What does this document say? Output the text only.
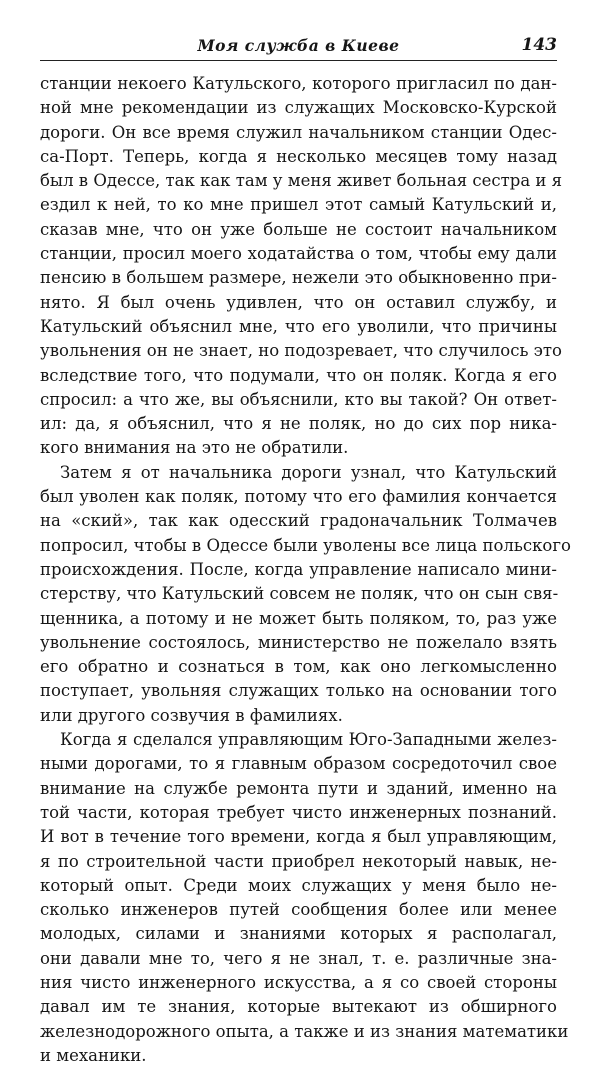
Моя служба в Киеве	143
станции некоего Катульского, которого пригласил по дан-
ной мне рекомендации из служащих Московско-Курской
дороги. Он все время служил начальником станции Одес-
са-Порт. Теперь, когда я несколько месяцев тому назад
был в Одессе, так как там у меня живет больная сестра и я
ездил к ней, то ко мне пришел этот самый Катульский и,
сказав мне, что он уже больше не состоит начальником
станции, просил моего ходатайства о том, чтобы ему дали
пенсию в большем размере, нежели это обыкновенно при-
нято. Я был очень удивлен, что он оставил службу, и
Катульский объяснил мне, что его уволили, что причины
увольнения он не знает, но подозревает, что случилось это
вследствие того, что подумали, что он поляк. Когда я его
спросил: а что же, вы объяснили, кто вы такой? Он ответ-
ил: да, я объяснил, что я не поляк, но до сих пор ника-
кого внимания на это не обратили.
Затем я от начальника дороги узнал, что Катульский
был уволен как поляк, потому что его фамилия кончается
на «ский», так как одесский градоначальник Толмачев
попросил, чтобы в Одессе были уволены все лица польского
происхождения. После, когда управление написало мини-
стерству, что Катульский совсем не поляк, что он сын свя-
щенника, а потому и не может быть поляком, то, раз уже
увольнение состоялось, министерство не пожелало взять
его обратно и сознаться в том, как оно легкомысленно
поступает, увольняя служащих только на основании того
или другого созвучия в фамилиях.
Когда я сделался управляющим Юго-Западными желез-
ными дорогами, то я главным образом сосредоточил свое
внимание на службе ремонта пути и зданий, именно на
той части, которая требует чисто инженерных познаний.
И вот в течение того времени, когда я был управляющим,
я по строительной части приобрел некоторый навык, не-
который опыт. Среди моих служащих у меня было не-
сколько инженеров путей сообщения более или менее
молодых, силами и знаниями которых я располагал,
они давали мне то, чего я не знал, т. е. различные зна-
ния чисто инженерного искусства, а я со своей стороны
давал им те знания, которые вытекают из обширного
железнодорожного опыта, а также и из знания математики
и механики.
